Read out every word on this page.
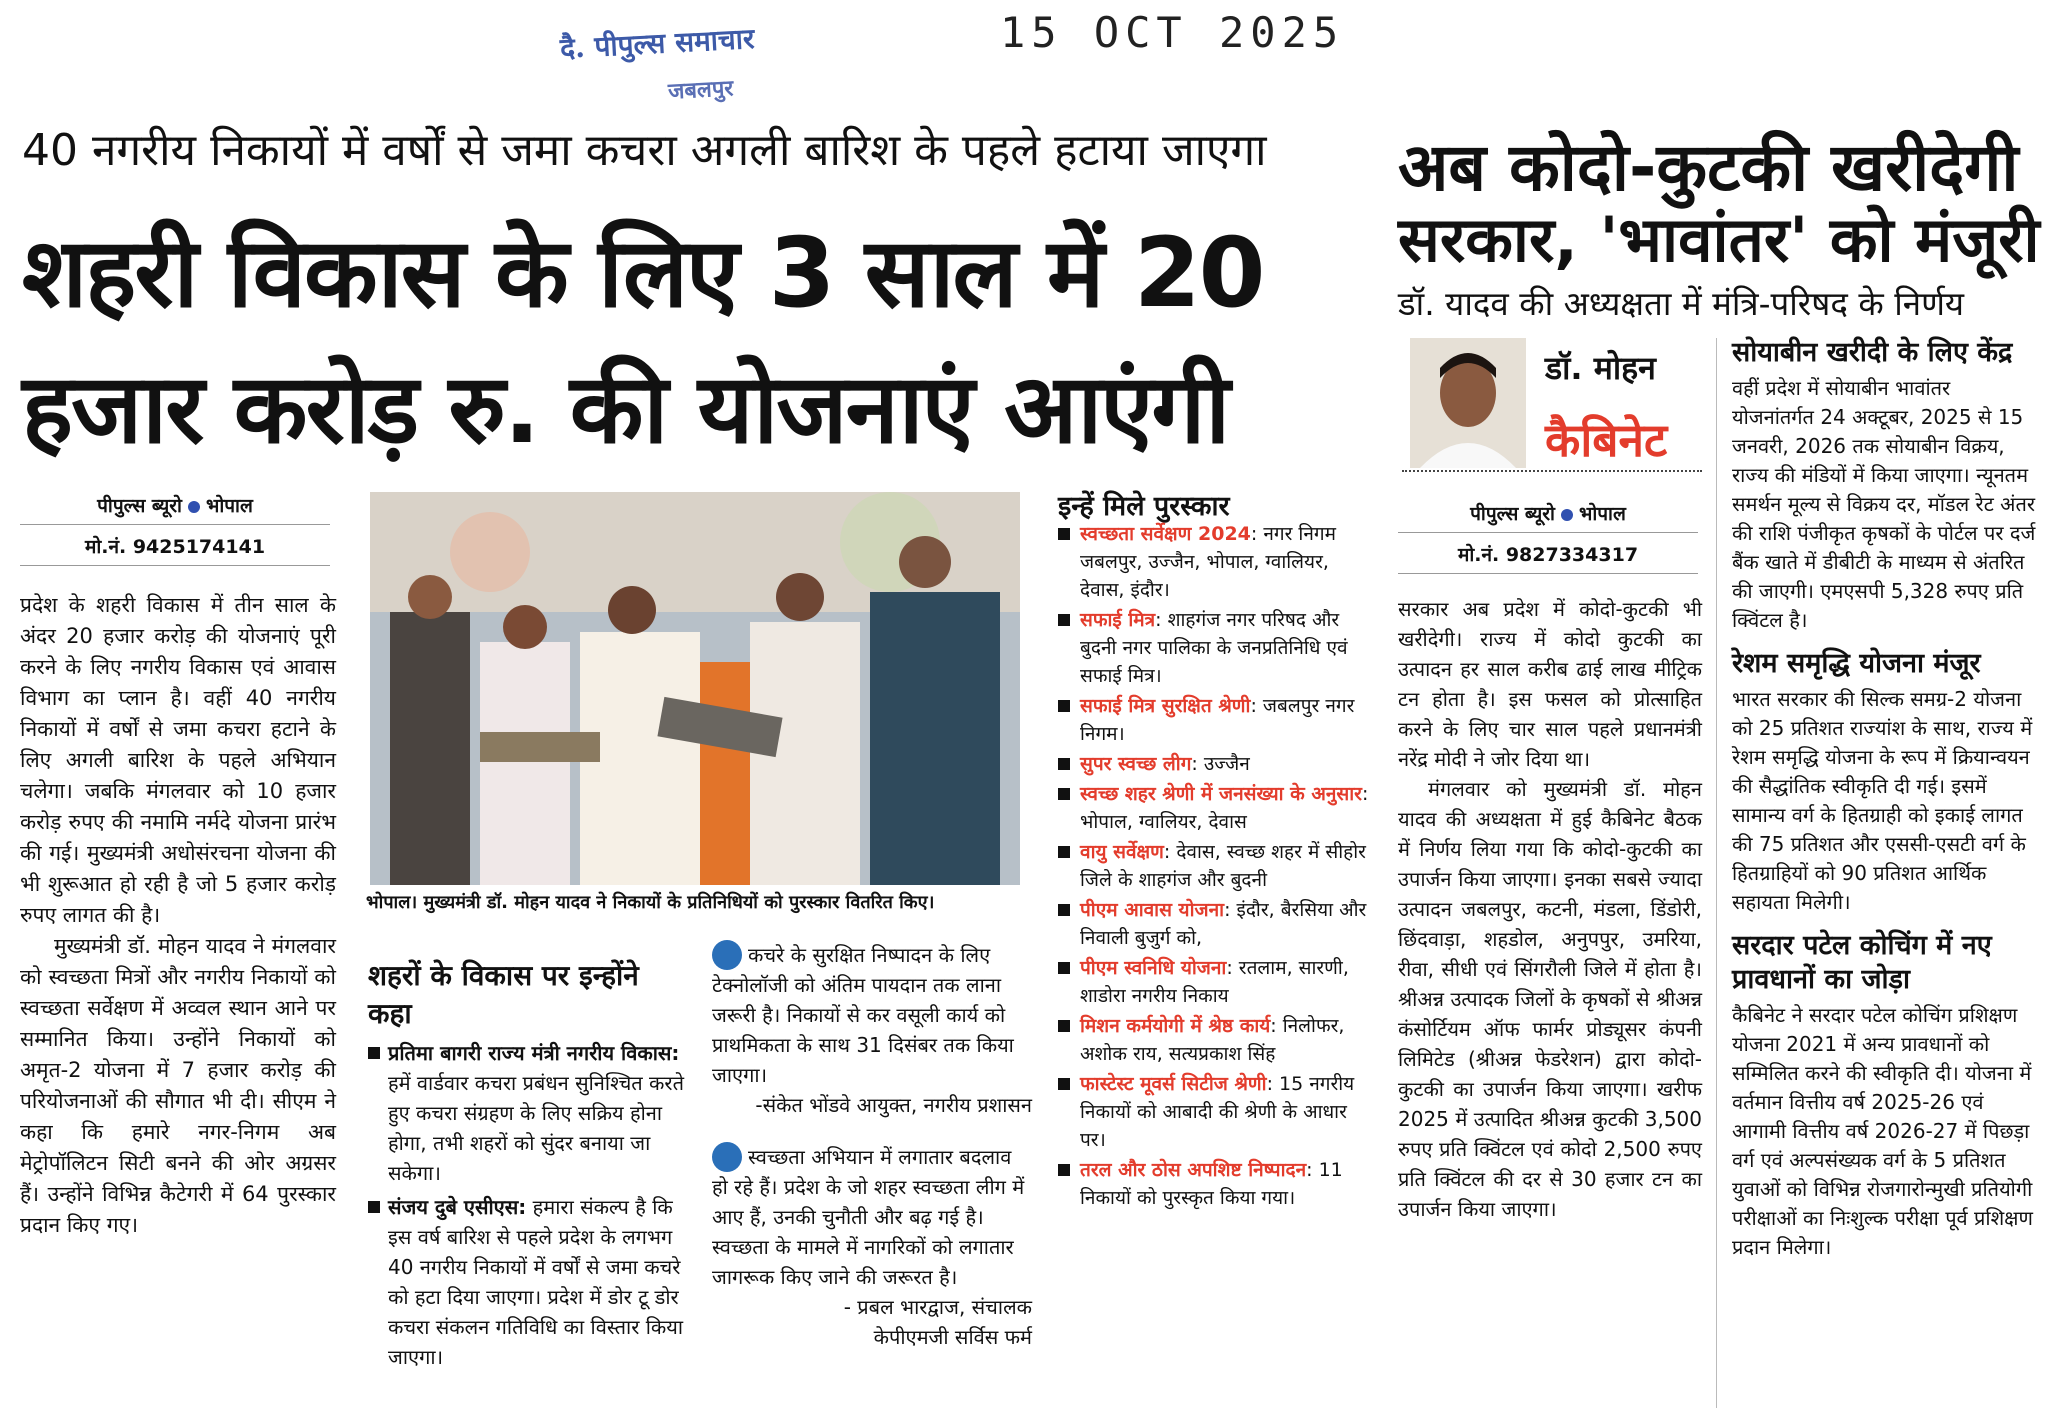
दै. पीपुल्स समाचार
जबलपुर
15 OCT 2025
40 नगरीय निकायों में वर्षों से जमा कचरा अगली बारिश के पहले हटाया जाएगा
शहरी विकास के लिए 3 साल में 20
हजार करोड़ रु. की योजनाएं आएंगी
पीपुल्स ब्यूरो भोपाल
मो.नं. 9425174141

प्रदेश के शहरी विकास में तीन साल के अंदर 20 हजार करोड़ की योजनाएं पूरी करने के लिए नगरीय विकास एवं आवास विभाग का प्लान है। वहीं 40 नगरीय निकायों में वर्षों से जमा कचरा हटाने के लिए अगली बारिश के पहले अभियान चलेगा। जबकि मंगलवार को 10 हजार करोड़ रुपए की नमामि नर्मदे योजना प्रारंभ की गई। मुख्यमंत्री अधोसंरचना योजना की भी शुरूआत हो रही है जो 5 हजार करोड़ रुपए लागत की है।

मुख्यमंत्री डॉ. मोहन यादव ने मंगलवार को स्वच्छता मित्रों और नगरीय निकायों को स्वच्छता सर्वेक्षण में अव्वल स्थान आने पर सम्मानित किया। उन्होंने निकायों को अमृत-2 योजना में 7 हजार करोड़ की परियोजनाओं की सौगात भी दी। सीएम ने कहा कि हमारे नगर-निगम अब मेट्रोपॉलिटन सिटी बनने की ओर अग्रसर हैं। उन्होंने विभिन्न कैटेगरी में 64 पुरस्कार प्रदान किए गए।

भोपाल। मुख्यमंत्री डॉ. मोहन यादव ने निकायों के प्रतिनिधियों को पुरस्कार वितरित किए।
शहरों के विकास पर इन्होंने कहा
प्रतिमा बागरी राज्य मंत्री नगरीय विकास: हमें वार्डवार कचरा प्रबंधन सुनिश्चित करते हुए कचरा संग्रहण के लिए सक्रिय होना होगा, तभी शहरों को सुंदर बनाया जा सकेगा।
संजय दुबे एसीएस: हमारा संकल्प है कि इस वर्ष बारिश से पहले प्रदेश के लगभग 40 नगरीय निकायों में वर्षों से जमा कचरे को हटा दिया जाएगा। प्रदेश में डोर टू डोर कचरा संकलन गतिविधि का विस्तार किया जाएगा।
कचरे के सुरक्षित निष्पादन के लिए टेक्नोलॉजी को अंतिम पायदान तक लाना जरूरी है। निकायों से कर वसूली कार्य को प्राथमिकता के साथ 31 दिसंबर तक किया जाएगा।
-संकेत भोंडवे आयुक्त, नगरीय प्रशासन
स्वच्छता अभियान में लगातार बदलाव हो रहे हैं। प्रदेश के जो शहर स्वच्छता लीग में आए हैं, उनकी चुनौती और बढ़ गई है। स्वच्छता के मामले में नागरिकों को लगातार जागरूक किए जाने की जरूरत है।
- प्रबल भारद्वाज, संचालक
केपीएमजी सर्विस फर्म
इन्हें मिले पुरस्कार
स्वच्छता सर्वेक्षण 2024: नगर निगम जबलपुर, उज्जैन, भोपाल, ग्वालियर, देवास, इंदौर।
सफाई मित्र: शाहगंज नगर परिषद और बुदनी नगर पालिका के जनप्रतिनिधि एवं सफाई मित्र।
सफाई मित्र सुरक्षित श्रेणी: जबलपुर नगर निगम।
सुपर स्वच्छ लीग: उज्जैन
स्वच्छ शहर श्रेणी में जनसंख्या के अनुसार: भोपाल, ग्वालियर, देवास
वायु सर्वेक्षण: देवास, स्वच्छ शहर में सीहोर जिले के शाहगंज और बुदनी
पीएम आवास योजना: इंदौर, बैरसिया और निवाली बुजुर्ग को,
पीएम स्वनिधि योजना: रतलाम, सारणी, शाडोरा नगरीय निकाय
मिशन कर्मयोगी में श्रेष्ठ कार्य: निलोफर, अशोक राय, सत्यप्रकाश सिंह
फास्टेस्ट मूवर्स सिटीज श्रेणी: 15 नगरीय निकायों को आबादी की श्रेणी के आधार पर।
तरल और ठोस अपशिष्ट निष्पादन: 11 निकायों को पुरस्कृत किया गया।
अब कोदो-कुटकी खरीदेगी
सरकार, 'भावांतर' को मंजूरी
डॉ. यादव की अध्यक्षता में मंत्रि-परिषद के निर्णय
डॉ. मोहन
कैबिनेट
पीपुल्स ब्यूरो भोपाल
मो.नं. 9827334317

सरकार अब प्रदेश में कोदो-कुटकी भी खरीदेगी। राज्य में कोदो कुटकी का उत्पादन हर साल करीब ढाई लाख मीट्रिक टन होता है। इस फसल को प्रोत्साहित करने के लिए चार साल पहले प्रधानमंत्री नरेंद्र मोदी ने जोर दिया था।

मंगलवार को मुख्यमंत्री डॉ. मोहन यादव की अध्यक्षता में हुई कैबिनेट बैठक में निर्णय लिया गया कि कोदो-कुटकी का उपार्जन किया जाएगा। इनका सबसे ज्यादा उत्पादन जबलपुर, कटनी, मंडला, डिंडोरी, छिंदवाड़ा, शहडोल, अनुपपुर, उमरिया, रीवा, सीधी एवं सिंगरौली जिले में होता है। श्रीअन्न उत्पादक जिलों के कृषकों से श्रीअन्न कंसोर्टियम ऑफ फार्मर प्रोड्यूसर कंपनी लिमिटेड (श्रीअन्न फेडरेशन) द्वारा कोदो-कुटकी का उपार्जन किया जाएगा। खरीफ 2025 में उत्पादित श्रीअन्न कुटकी 3,500 रुपए प्रति क्विंटल एवं कोदो 2,500 रुपए प्रति क्विंटल की दर से 30 हजार टन का उपार्जन किया जाएगा।

सोयाबीन खरीदी के लिए केंद्र
वहीं प्रदेश में सोयाबीन भावांतर योजनांतर्गत 24 अक्टूबर, 2025 से 15 जनवरी, 2026 तक सोयाबीन विक्रय, राज्य की मंडियों में किया जाएगा। न्यूनतम समर्थन मूल्य से विक्रय दर, मॉडल रेट अंतर की राशि पंजीकृत कृषकों के पोर्टल पर दर्ज बैंक खाते में डीबीटी के माध्यम से अंतरित की जाएगी। एमएसपी 5,328 रुपए प्रति क्विंटल है।
रेशम समृद्धि योजना मंजूर
भारत सरकार की सिल्क समग्र-2 योजना को 25 प्रतिशत राज्यांश के साथ, राज्य में रेशम समृद्धि योजना के रूप में क्रियान्वयन की सैद्धांतिक स्वीकृति दी गई। इसमें सामान्य वर्ग के हितग्राही को इकाई लागत की 75 प्रतिशत और एससी-एसटी वर्ग के हितग्राहियों को 90 प्रतिशत आर्थिक सहायता मिलेगी।
सरदार पटेल कोचिंग में नए प्रावधानों का जोड़ा
कैबिनेट ने सरदार पटेल कोचिंग प्रशिक्षण योजना 2021 में अन्य प्रावधानों को सम्मिलित करने की स्वीकृति दी। योजना में वर्तमान वित्तीय वर्ष 2025-26 एवं आगामी वित्तीय वर्ष 2026-27 में पिछड़ा वर्ग एवं अल्पसंख्यक वर्ग के 5 प्रतिशत युवाओं को विभिन्न रोजगारोन्मुखी प्रतियोगी परीक्षाओं का निःशुल्क परीक्षा पूर्व प्रशिक्षण प्रदान मिलेगा।
